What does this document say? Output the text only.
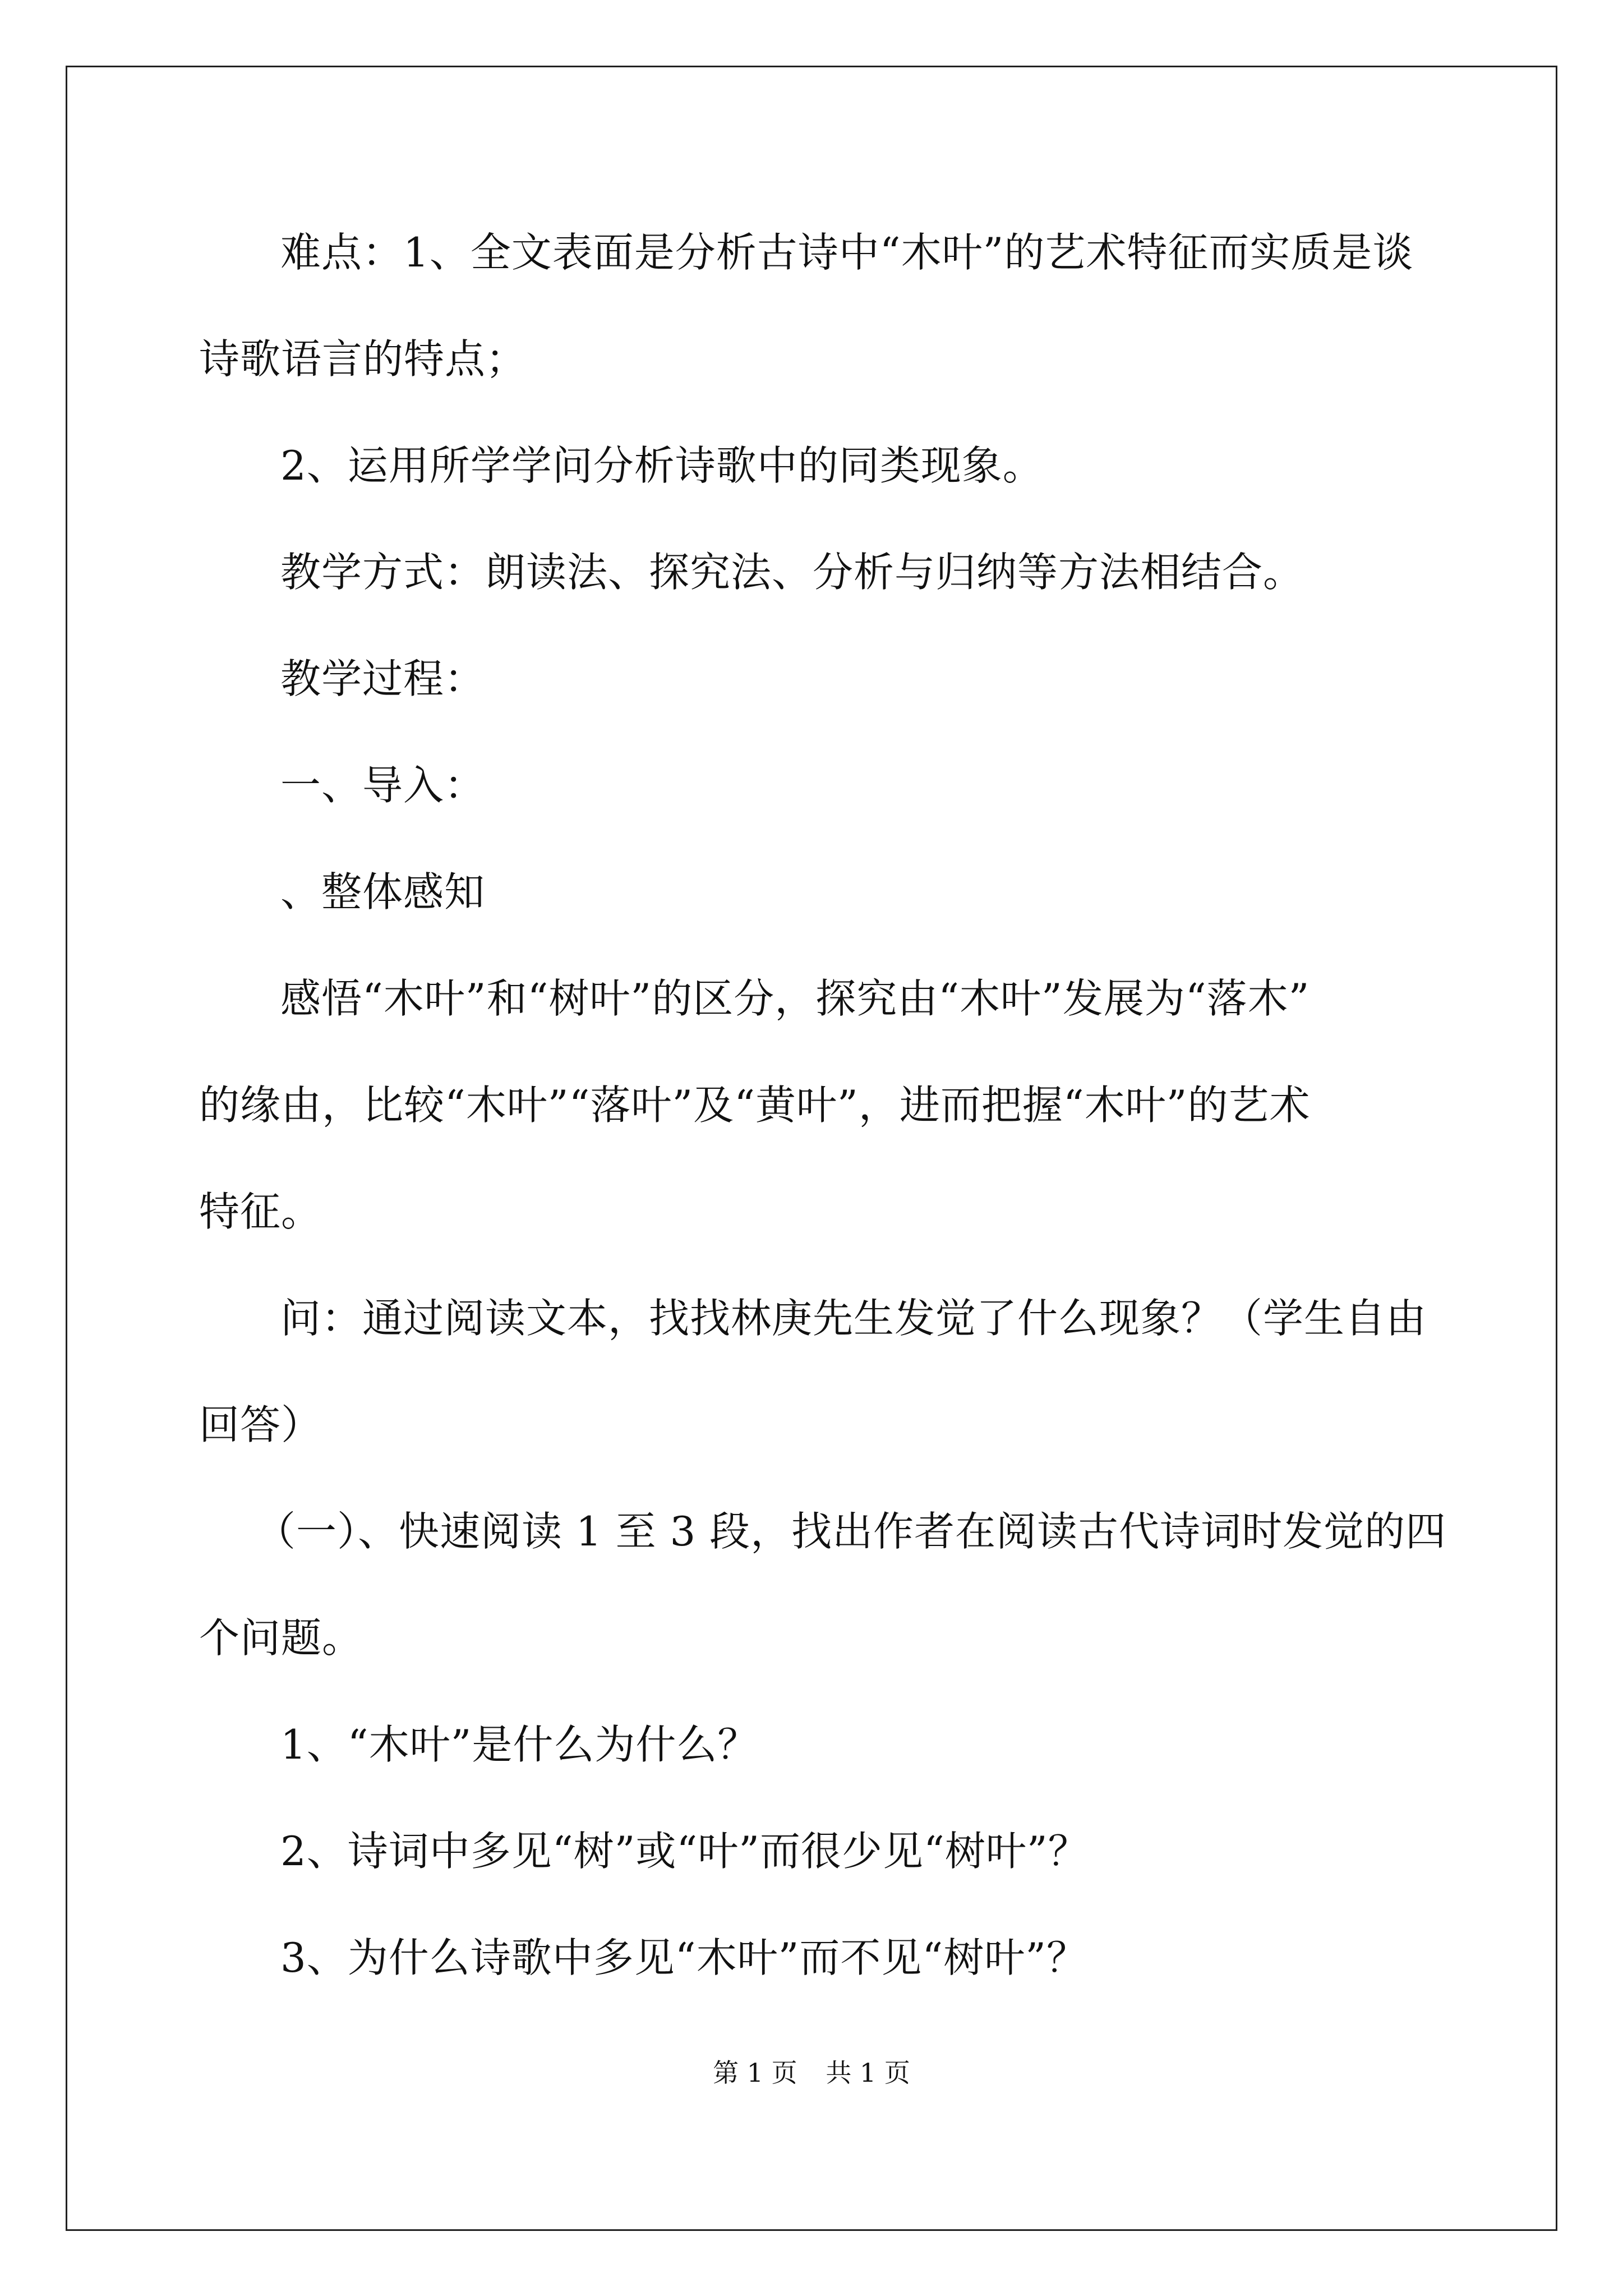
难点：1、全文表面是分析古诗中“木叶”的艺术特征而实质是谈
诗歌语言的特点；
2、运用所学学问分析诗歌中的同类现象。
教学方式：朗读法、探究法、分析与归纳等方法相结合。
教学过程：
一、导入：
、整体感知
感悟“木叶”和“树叶”的区分，探究由“木叶”发展为“落木”
的缘由，比较“木叶”“落叶”及“黄叶”，进而把握“木叶”的艺术
特征。
问：通过阅读文本，找找林庚先生发觉了什么现象？（学生自由
回答）
（一）、快速阅读 1 至 3 段，找出作者在阅读古代诗词时发觉的四
个问题。
1、“木叶”是什么为什么？
2、诗词中多见“树”或“叶”而很少见“树叶”？
3、为什么诗歌中多见“木叶”而不见“树叶”？
第 1 页 共 1 页
